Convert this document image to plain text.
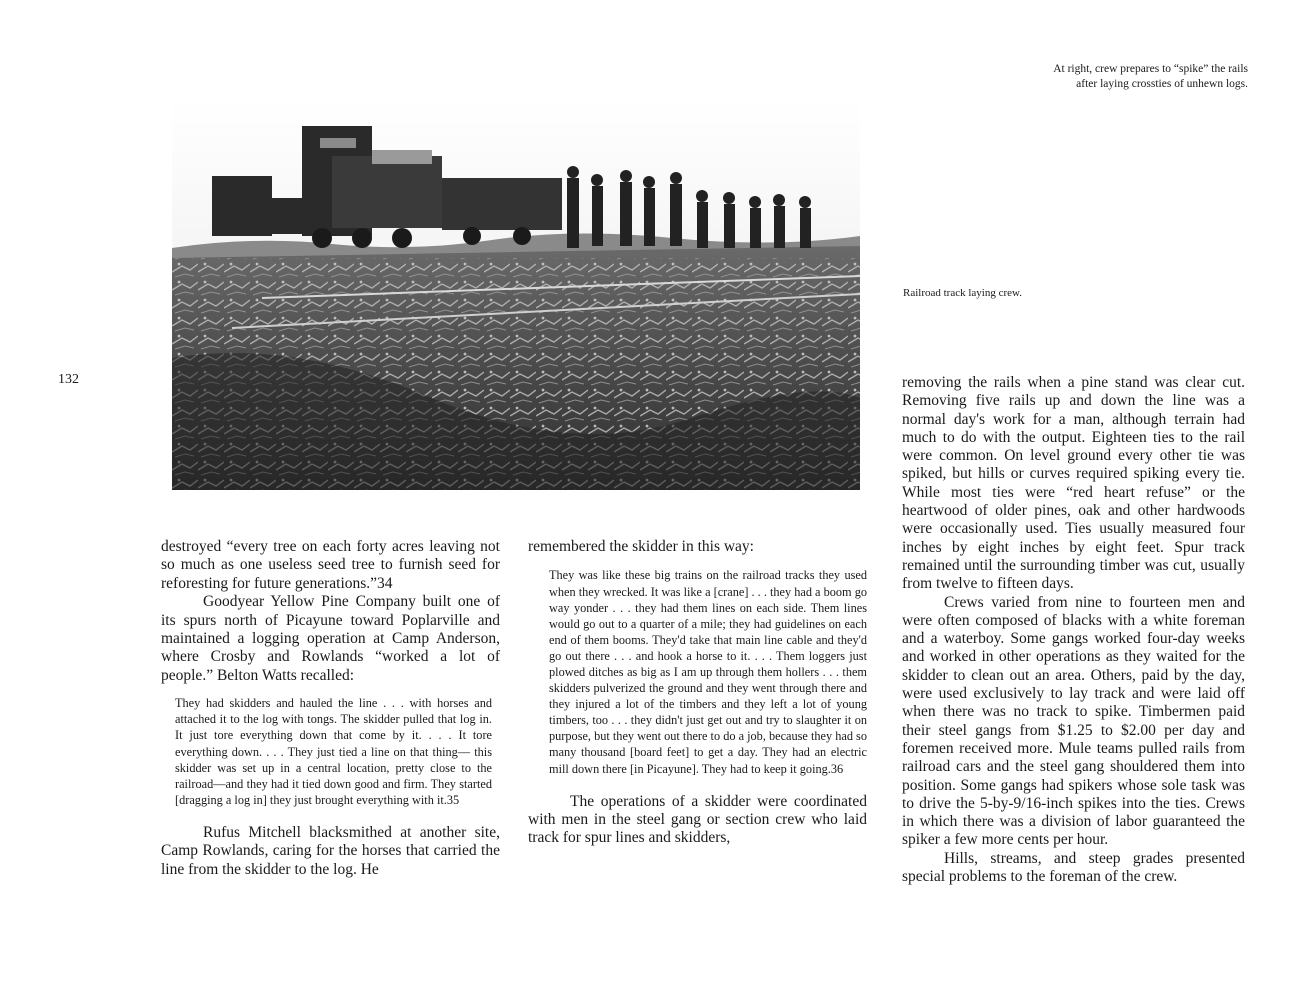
132
At right, crew prepares to “spike” the rails
after laying crossties of unhewn logs.
Railroad track laying crew.

destroyed “every tree on each forty acres leaving not so much as one useless seed tree to furnish seed for reforesting for future generations.”34

Goodyear Yellow Pine Company built one of its spurs north of Picayune toward Poplarville and maintained a logging operation at Camp Anderson, where Crosby and Rowlands “worked a lot of people.” Belton Watts recalled:

They had skidders and hauled the line . . . with horses and attached it to the log with tongs. The skidder pulled that log in. It just tore everything down that come by it. . . . It tore everything down. . . . They just tied a line on that thing— this skidder was set up in a central location, pretty close to the railroad—and they had it tied down good and firm. They started [dragging a log in] they just brought everything with it.35

Rufus Mitchell blacksmithed at another site, Camp Rowlands, caring for the horses that carried the line from the skidder to the log. He

remembered the skidder in this way:

They was like these big trains on the railroad tracks they used when they wrecked. It was like a [crane] . . . they had a boom go way yonder . . . they had them lines on each side. Them lines would go out to a quarter of a mile; they had guidelines on each end of them booms. They'd take that main line cable and they'd go out there . . . and hook a horse to it. . . . Them loggers just plowed ditches as big as I am up through them hollers . . . them skidders pulverized the ground and they went through there and they injured a lot of the timbers and they left a lot of young timbers, too . . . they didn't just get out and try to slaughter it on purpose, but they went out there to do a job, because they had so many thousand [board feet] to get a day. They had an electric mill down there [in Picayune]. They had to keep it going.36

The operations of a skidder were coordinated with men in the steel gang or section crew who laid track for spur lines and skidders,

removing the rails when a pine stand was clear cut. Removing five rails up and down the line was a normal day's work for a man, although terrain had much to do with the output. Eighteen ties to the rail were common. On level ground every other tie was spiked, but hills or curves required spiking every tie. While most ties were “red heart refuse” or the heartwood of older pines, oak and other hardwoods were occasionally used. Ties usually measured four inches by eight inches by eight feet. Spur track remained until the surrounding timber was cut, usually from twelve to fifteen days.

Crews varied from nine to fourteen men and were often composed of blacks with a white foreman and a waterboy. Some gangs worked four-day weeks and worked in other operations as they waited for the skidder to clean out an area. Others, paid by the day, were used exclusively to lay track and were laid off when there was no track to spike. Timbermen paid their steel gangs from $1.25 to $2.00 per day and foremen received more. Mule teams pulled rails from railroad cars and the steel gang shouldered them into position. Some gangs had spikers whose sole task was to drive the 5-by-9/16-inch spikes into the ties. Crews in which there was a division of labor guaranteed the spiker a few more cents per hour.

Hills, streams, and steep grades presented special problems to the foreman of the crew.
